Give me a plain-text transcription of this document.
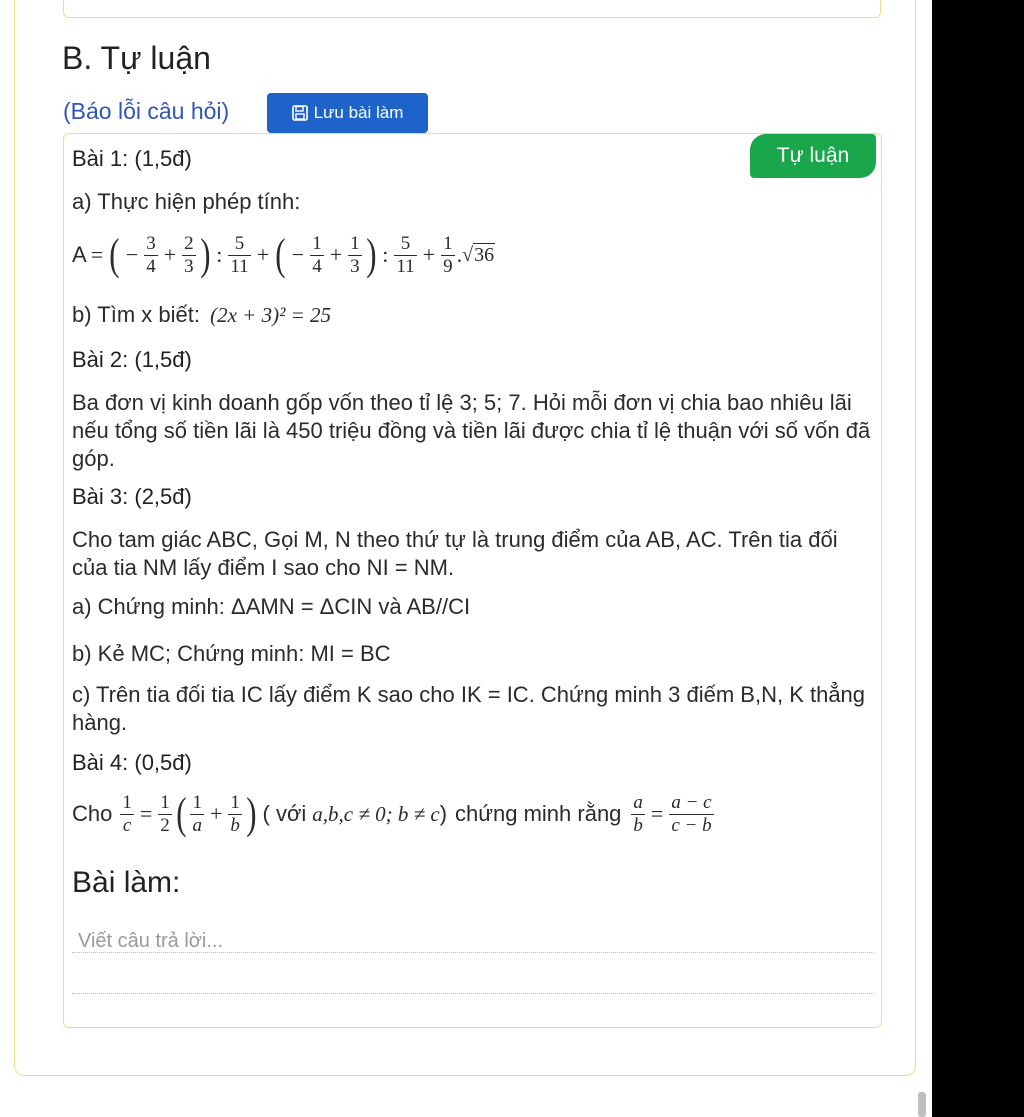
B. Tự luận
(Báo lỗi câu hỏi)	Lưu bài làm
Tự luận
Bài 1: (1,5đ)
a) Thực hiện phép tính:
A = ( − $\frac{3}{4} + \frac{2}{3}$ ) : $\frac{5}{11}$ + ( − $\frac{1}{4} + \frac{1}{3}$ ) : $\frac{5}{11} + \frac{1}{9}$ . √36
b) Tìm x biết: (2x + 3)² = 25
Bài 2: (1,5đ)
Ba đơn vị kinh doanh gốp vốn theo tỉ lệ 3; 5; 7. Hỏi mỗi đơn vị chia bao nhiêu lãi nếu tổng số tiền lãi là 450 triệu đồng và tiền lãi được chia tỉ lệ thuận với số vốn đã góp.
Bài 3: (2,5đ)
Cho tam giác ABC, Gọi M, N theo thứ tự là trung điểm của AB, AC. Trên tia đối của tia NM lấy điểm I sao cho NI = NM.
a) Chứng minh: ΔAMN = ΔCIN và AB//CI
b) Kẻ MC; Chứng minh: MI = BC
c) Trên tia đối tia IC lấy điểm K sao cho IK = IC. Chứng minh 3 điếm B,N, K thẳng hàng.
Bài 4: (0,5đ)
Cho $\frac{1}{c} = \frac{1}{2}$ ( $\frac{1}{a} + \frac{1}{b}$ ) ( với a,b,c ≠ 0; b ≠ c ) chứng minh rằng $\frac{a}{b} = \frac{a - c}{c - b}$
Bài làm:
Viết câu trả lời...
